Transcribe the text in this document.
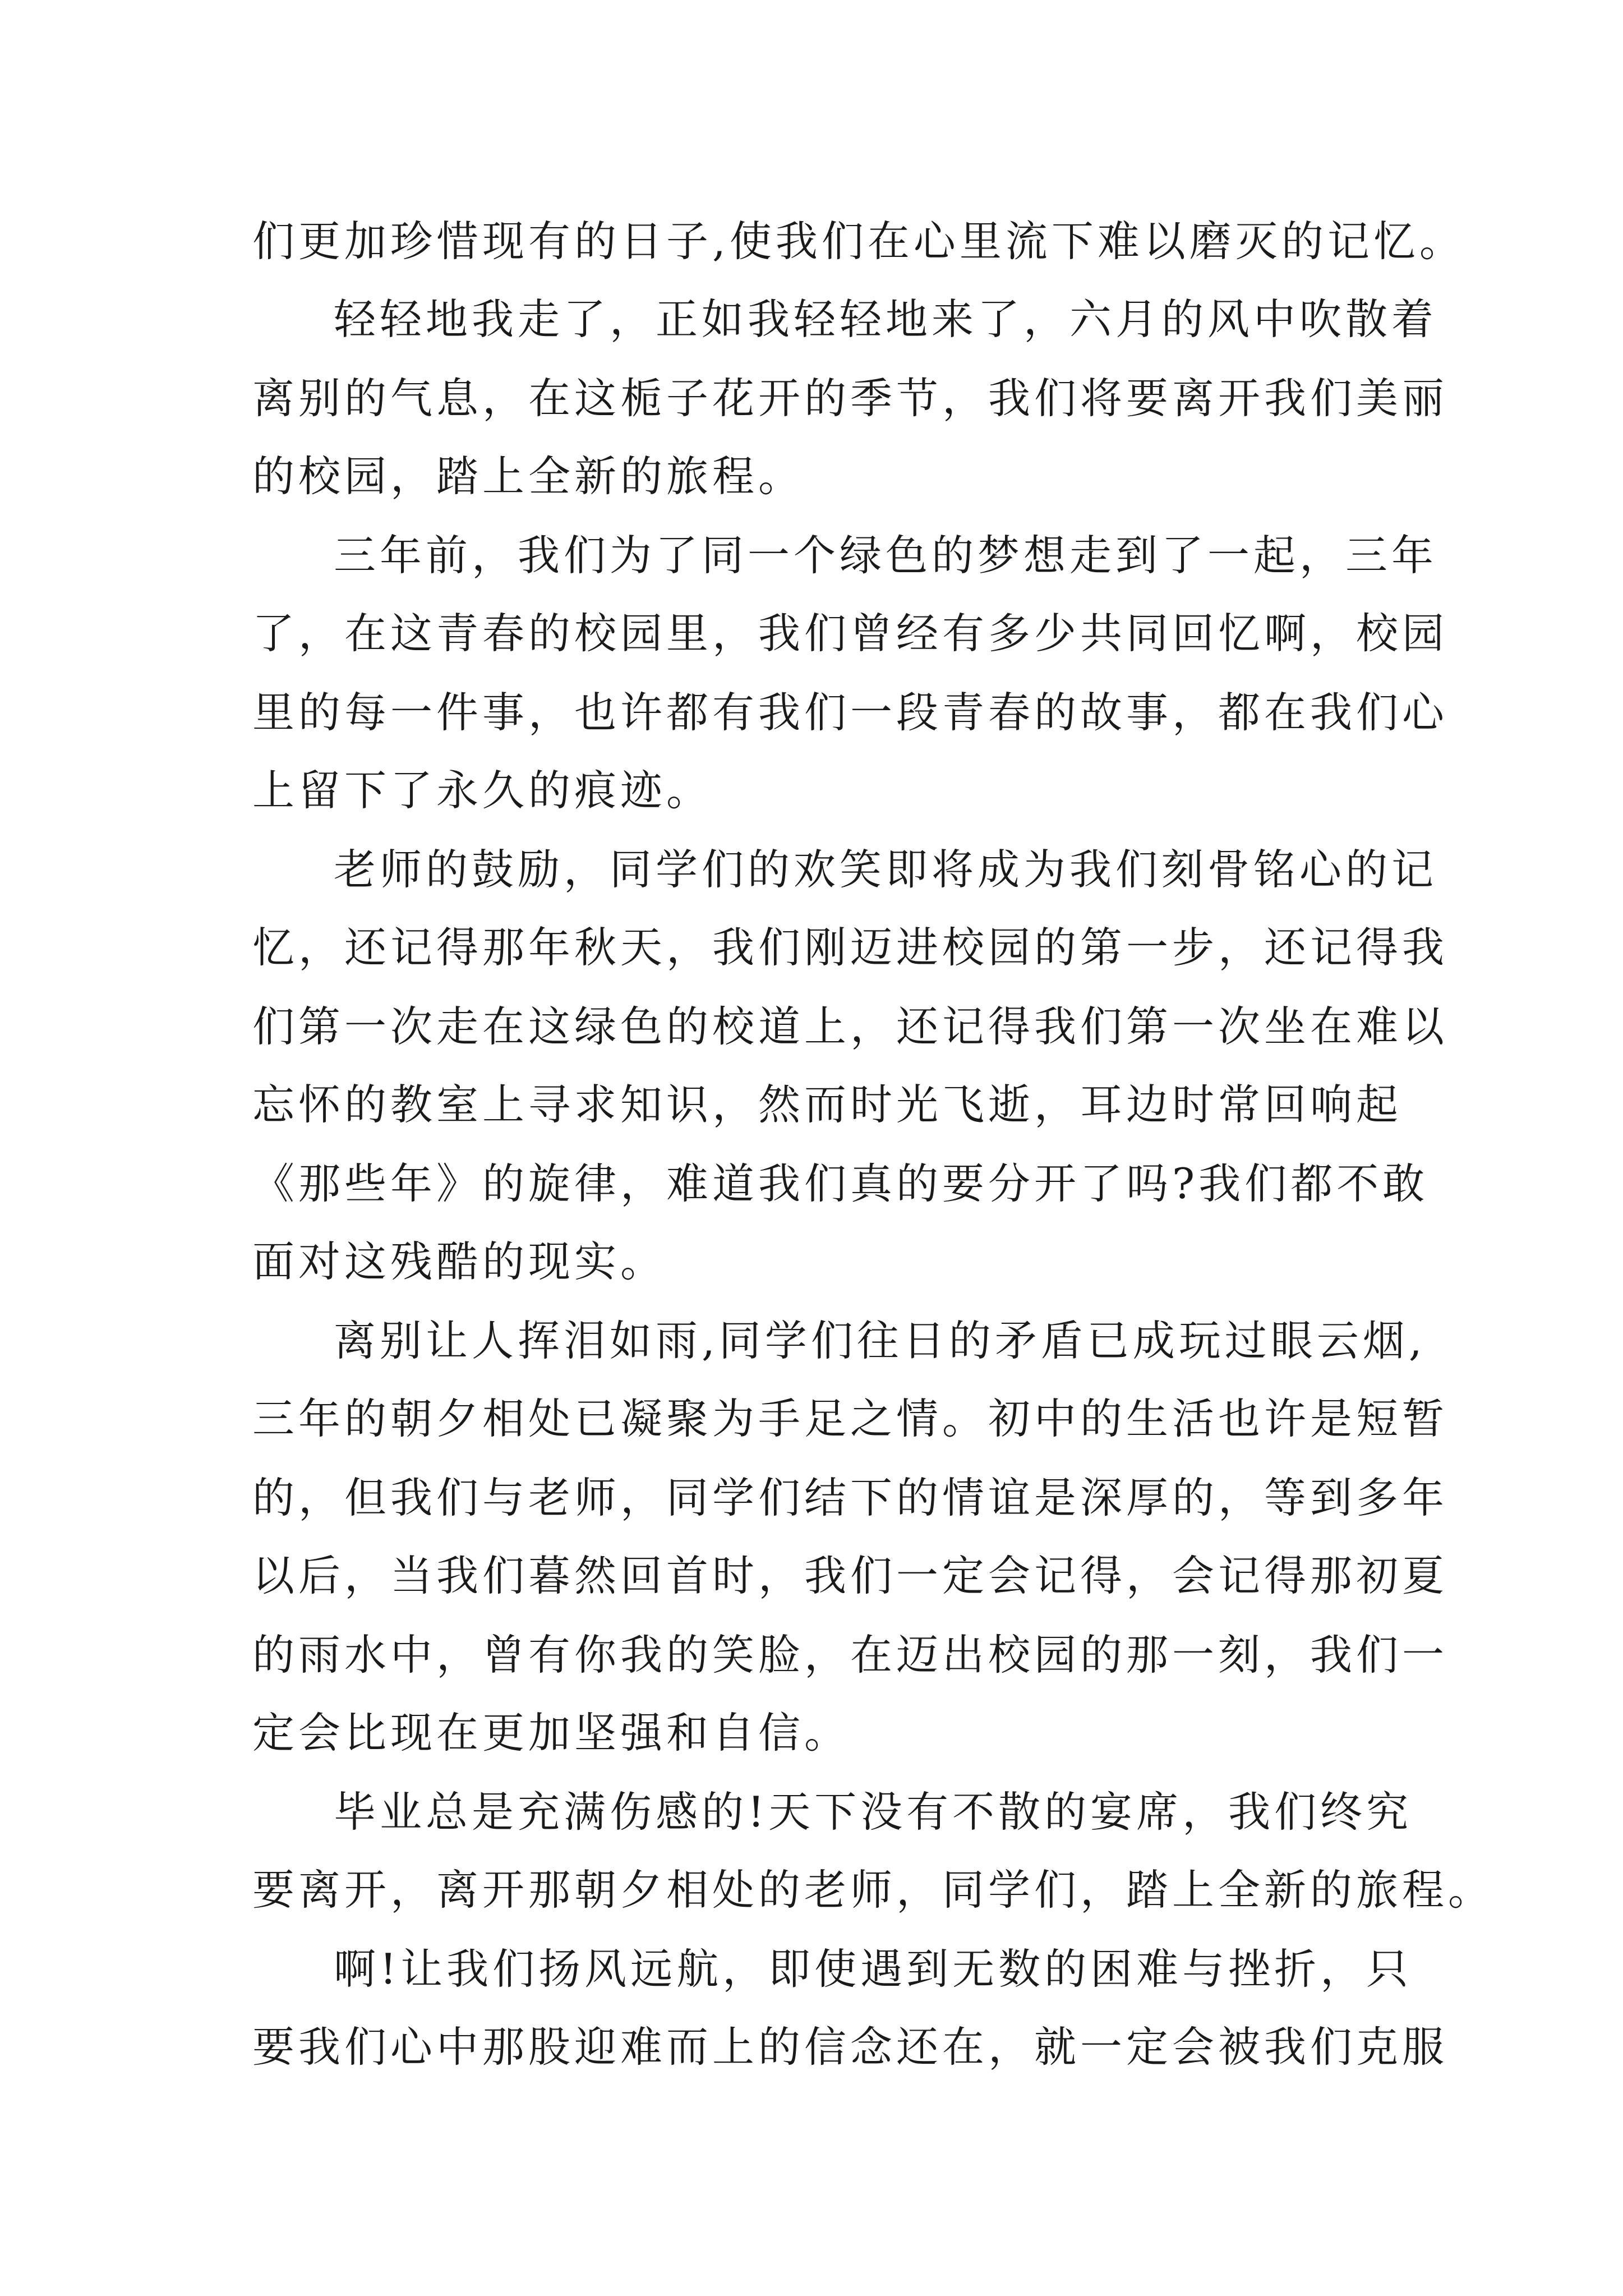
们更加珍惜现有的日子,使我们在心里流下难以磨灭的记忆。
轻轻地我走了，正如我轻轻地来了，六月的风中吹散着
离别的气息，在这栀子花开的季节，我们将要离开我们美丽
的校园，踏上全新的旅程。
三年前，我们为了同一个绿色的梦想走到了一起，三年
了，在这青春的校园里，我们曾经有多少共同回忆啊，校园
里的每一件事，也许都有我们一段青春的故事，都在我们心
上留下了永久的痕迹。
老师的鼓励，同学们的欢笑即将成为我们刻骨铭心的记
忆，还记得那年秋天，我们刚迈进校园的第一步，还记得我
们第一次走在这绿色的校道上，还记得我们第一次坐在难以
忘怀的教室上寻求知识，然而时光飞逝，耳边时常回响起
《那些年》的旋律，难道我们真的要分开了吗?我们都不敢
面对这残酷的现实。
离别让人挥泪如雨,同学们往日的矛盾已成玩过眼云烟,
三年的朝夕相处已凝聚为手足之情。初中的生活也许是短暂
的，但我们与老师，同学们结下的情谊是深厚的，等到多年
以后，当我们暮然回首时，我们一定会记得，会记得那初夏
的雨水中，曾有你我的笑脸，在迈出校园的那一刻，我们一
定会比现在更加坚强和自信。
毕业总是充满伤感的!天下没有不散的宴席，我们终究
要离开，离开那朝夕相处的老师，同学们，踏上全新的旅程。
啊!让我们扬风远航，即使遇到无数的困难与挫折，只
要我们心中那股迎难而上的信念还在，就一定会被我们克服
